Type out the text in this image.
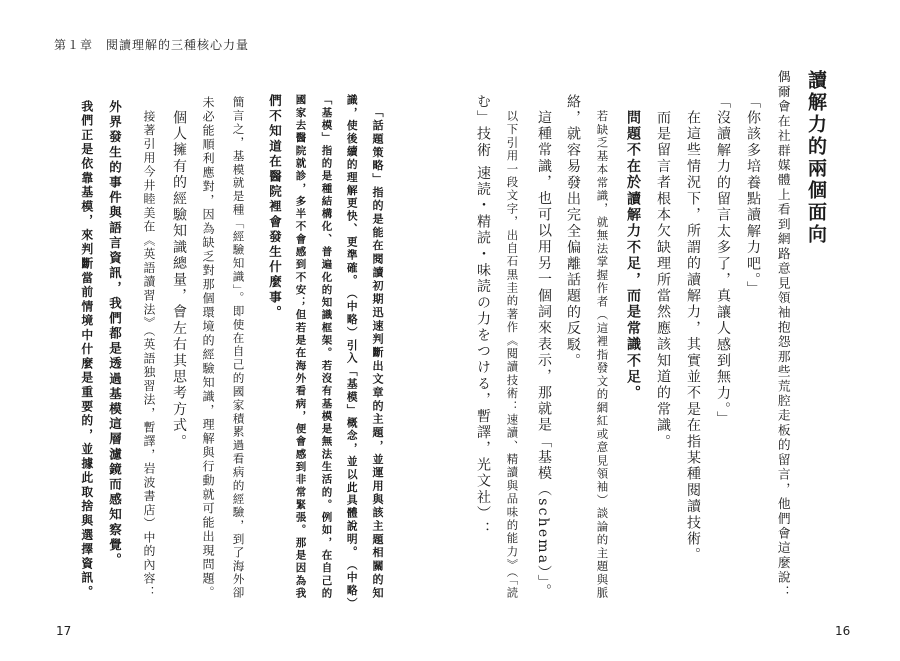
第１章　閱讀理解的三種核心力量
讀解力的兩個面向
偶爾會在社群媒體上看到網路意見領袖抱怨那些荒腔走板的留言，他們會這麼說：
「你該多培養點讀解力吧。」
「沒讀解力的留言太多了，真讓人感到無力。」
在這些情況下，所謂的讀解力，其實並不是在指某種閱讀技術。
而是留言者根本欠缺理所當然應該知道的常識。
問題不在於讀解力不足，而是常識不足。
若缺乏基本常識，就無法掌握作者（這裡指發文的網紅或意見領袖）談論的主題與脈
絡，就容易發出完全偏離話題的反駁。
這種常識，也可以用另一個詞來表示，那就是「基模（schema）」。
以下引用一段文字，出自石黒圭的著作《閱讀技術：速讀、精讀與品味的能力》（「読
む」技術 速読・精読・味読の力をつける，暫譯，光文社）：
「話題策略」指的是能在閱讀初期迅速判斷出文章的主題，並運用與該主題相關的知
識，使後續的理解更快、更準確。（中略）引入「基模」概念，並以此具體說明。（中略）
「基模」指的是種結構化、普遍化的知識框架。若沒有基模是無法生活的。例如，在自己的
國家去醫院就診，多半不會感到不安；但若是在海外看病，便會感到非常緊張。那是因為我
們不知道在醫院裡會發生什麼事。
簡言之，基模就是種「經驗知識」。即使在自己的國家積累過看病的經驗，到了海外卻
未必能順利應對，因為缺乏對那個環境的經驗知識，理解與行動就可能出現問題。
個人擁有的經驗知識總量，會左右其思考方式。
接著引用今井睦美在《英語讀習法》（英語独習法，暫譯，岩波書店）中的內容：
外界發生的事件與語言資訊，我們都是透過基模這層濾鏡而感知察覺。
我們正是依靠基模，來判斷當前情境中什麼是重要的，並據此取捨與選擇資訊。
17	16
